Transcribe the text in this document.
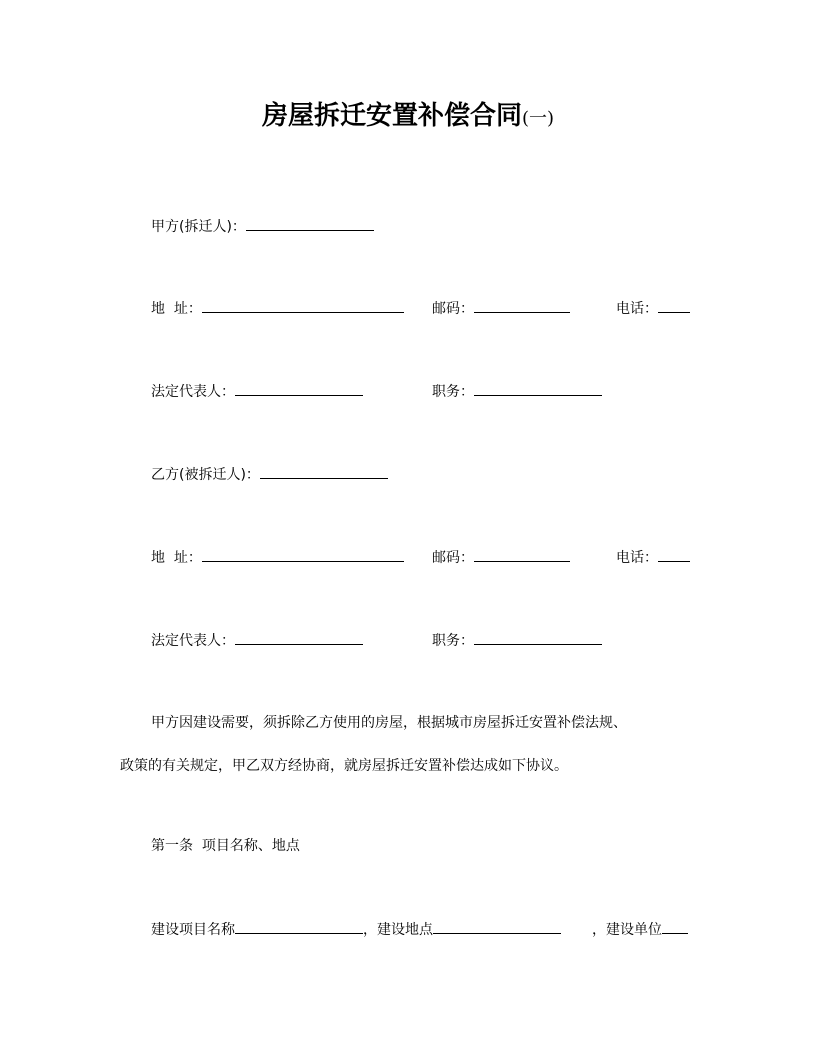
房屋拆迁安置补偿合同(一)
甲方(拆迁人)：
地  址：	邮码：	电话：
法定代表人：	职务：
乙方(被拆迁人)：
地  址：	邮码：	电话：
法定代表人：	职务：
甲方因建设需要，须拆除乙方使用的房屋，根据城市房屋拆迁安置补偿法规、
政策的有关规定，甲乙双方经协商，就房屋拆迁安置补偿达成如下协议。
第一条  项目名称、地点
建设项目名称	，建设地点	，建设单位
